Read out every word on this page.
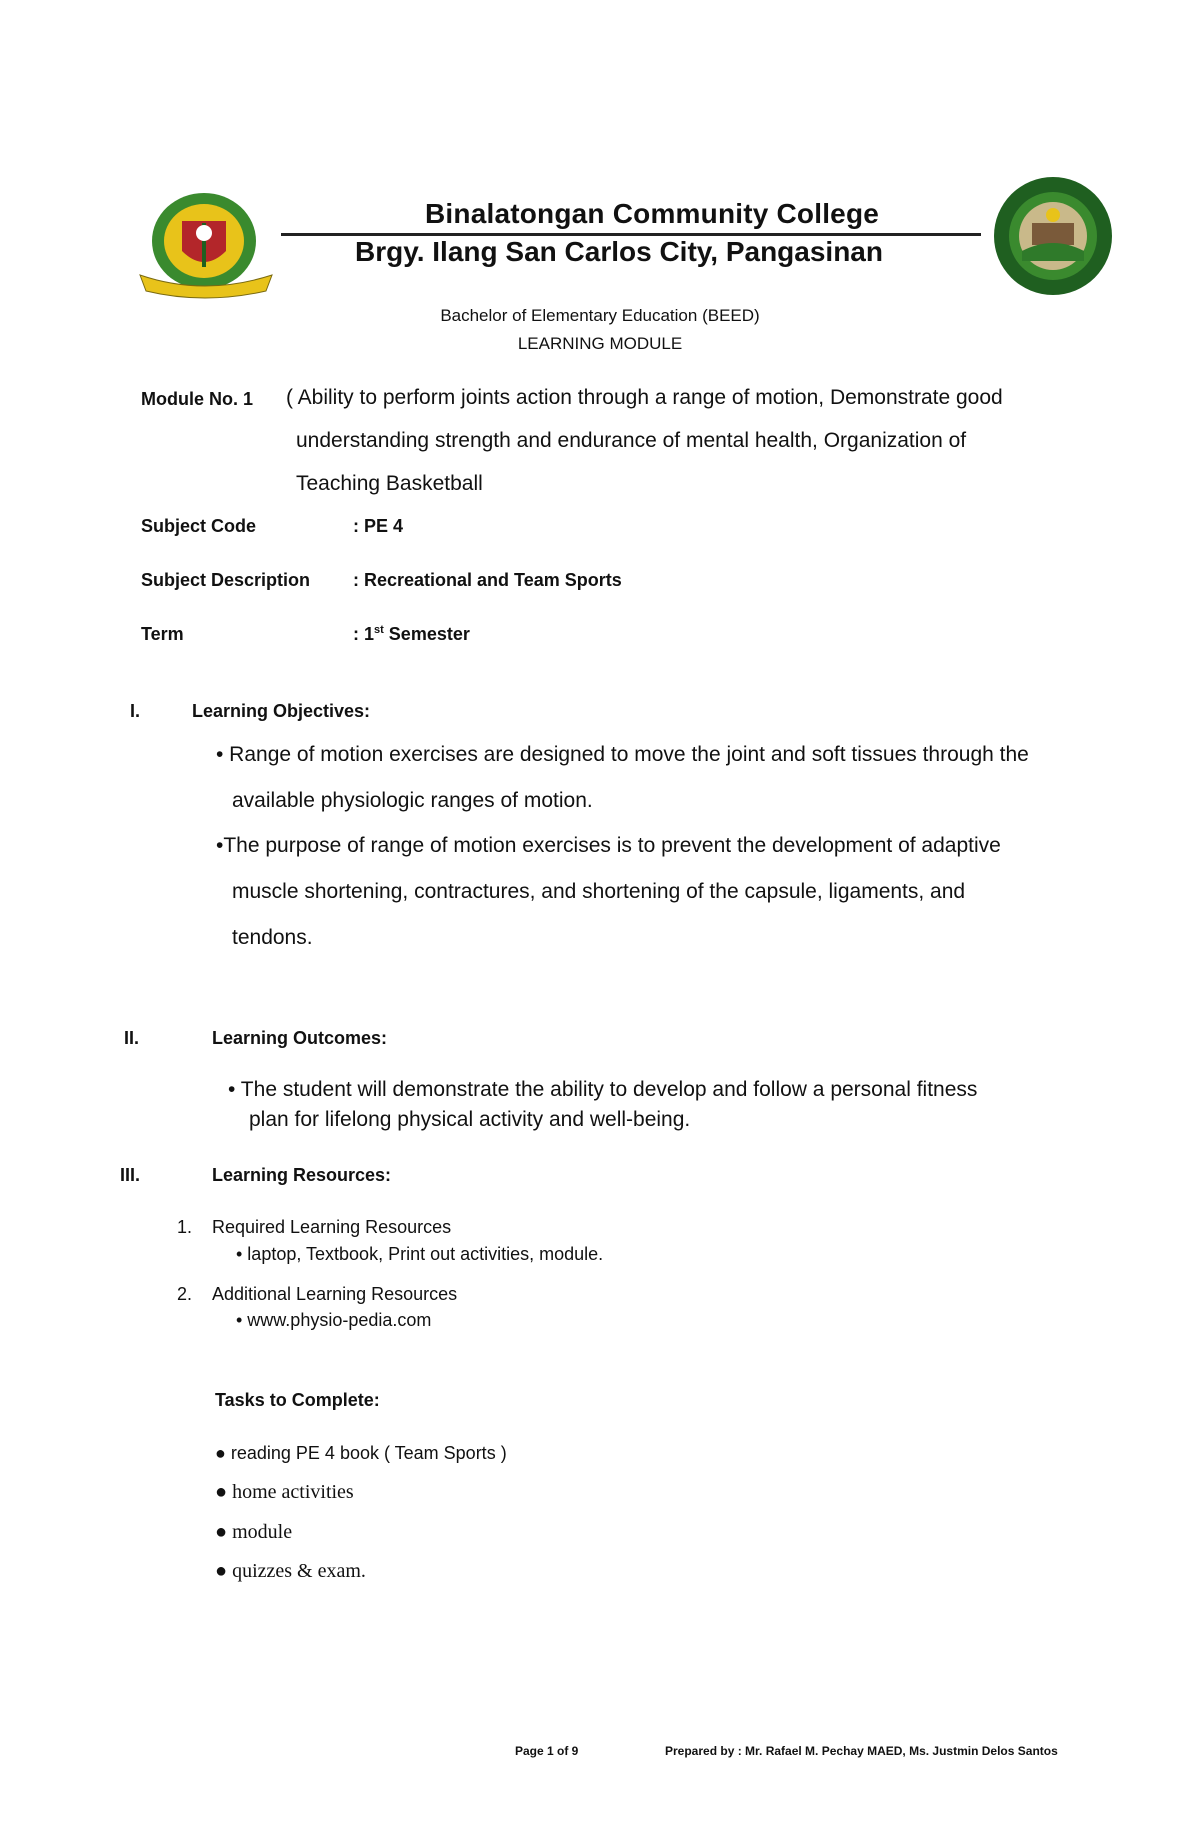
Binalatongan Community College
Brgy. Ilang San Carlos City, Pangasinan
Bachelor of Elementary Education (BEED)
LEARNING MODULE
Module No. 1 ( Ability to perform joints action through a range of motion, Demonstrate good
understanding strength and endurance of mental health, Organization of
Teaching Basketball
Subject Code	: PE 4
Subject Description : Recreational and Team Sports
Term	: 1st Semester
I.	Learning Objectives:
• Range of motion exercises are designed to move the joint and soft tissues through the
available physiologic ranges of motion.
•The purpose of range of motion exercises is to prevent the development of adaptive
muscle shortening, contractures, and shortening of the capsule, ligaments, and
tendons.
II.	Learning Outcomes:
• The student will demonstrate the ability to develop and follow a personal fitness
plan for lifelong physical activity and well-being.
III.	Learning Resources:
1. Required Learning Resources
• laptop, Textbook, Print out activities, module.
2. Additional Learning Resources
• www.physio-pedia.com
Tasks to Complete:
● reading PE 4 book ( Team Sports )
● home activities
● module
● quizzes & exam.
Page 1 of 9	Prepared by : Mr. Rafael M. Pechay MAED, Ms. Justmin Delos Santos
